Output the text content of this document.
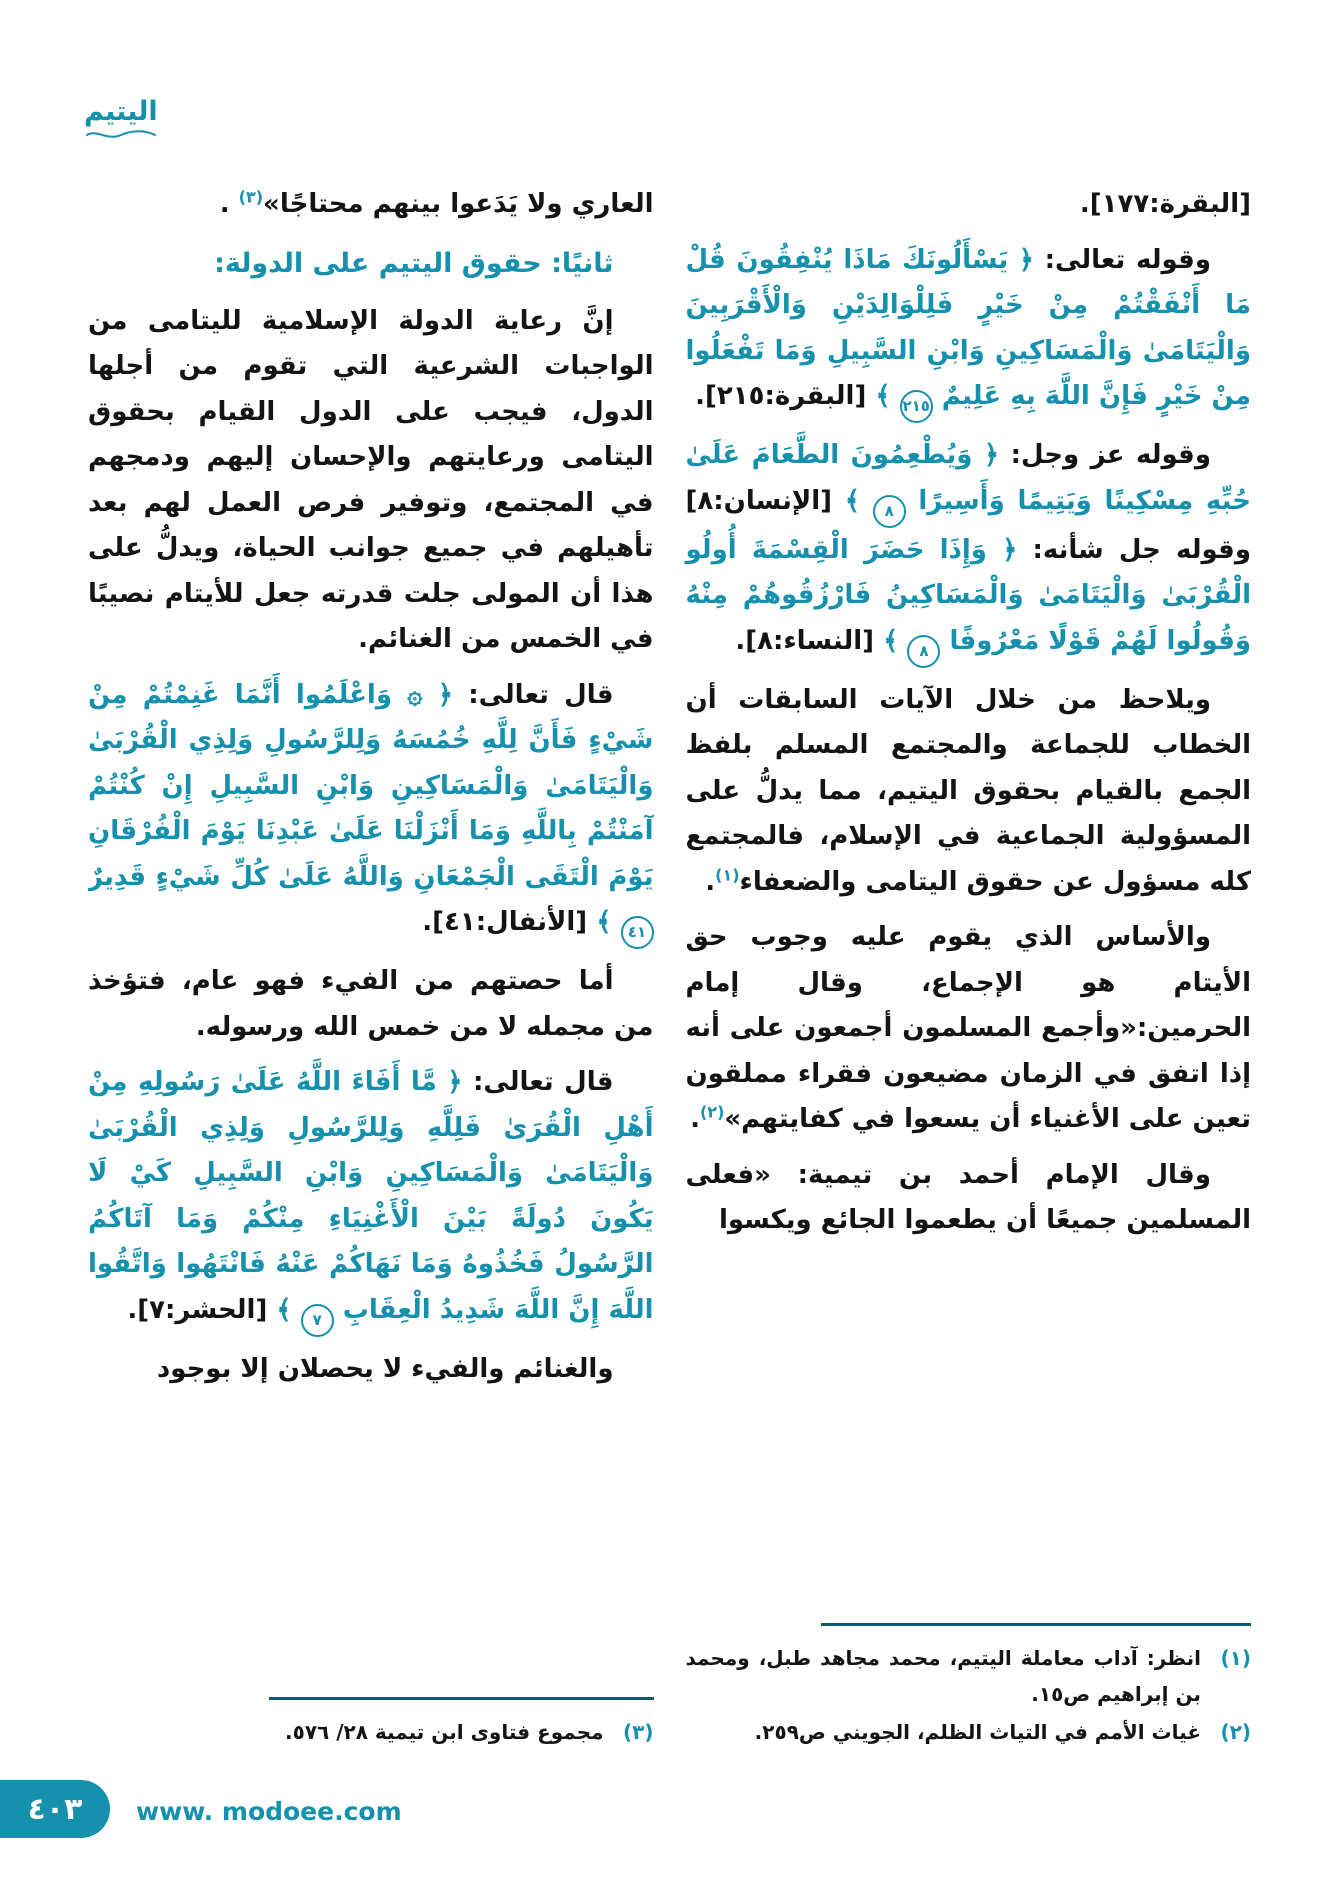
اليتيم

[البقرة:١٧٧].

وقوله تعالى: ﴿ يَسْأَلُونَكَ مَاذَا يُنْفِقُونَ قُلْ مَا أَنْفَقْتُمْ مِنْ خَيْرٍ فَلِلْوَالِدَيْنِ وَالْأَقْرَبِينَ وَالْيَتَامَىٰ وَالْمَسَاكِينِ وَابْنِ السَّبِيلِ وَمَا تَفْعَلُوا مِنْ خَيْرٍ فَإِنَّ اللَّهَ بِهِ عَلِيمٌ ٢١٥ ﴾ [البقرة:٢١٥].

وقوله عز وجل: ﴿ وَيُطْعِمُونَ الطَّعَامَ عَلَىٰ حُبِّهِ مِسْكِينًا وَيَتِيمًا وَأَسِيرًا ٨ ﴾ [الإنسان:٨] وقوله جل شأنه: ﴿ وَإِذَا حَضَرَ الْقِسْمَةَ أُولُو الْقُرْبَىٰ وَالْيَتَامَىٰ وَالْمَسَاكِينُ فَارْزُقُوهُمْ مِنْهُ وَقُولُوا لَهُمْ قَوْلًا مَعْرُوفًا ٨ ﴾ [النساء:٨].

ويلاحظ من خلال الآيات السابقات أن الخطاب للجماعة والمجتمع المسلم بلفظ الجمع بالقيام بحقوق اليتيم، مما يدلُّ على المسؤولية الجماعية في الإسلام، فالمجتمع كله مسؤول عن حقوق اليتامى والضعفاء$^{(١)}$.

والأساس الذي يقوم عليه وجوب حق الأيتام هو الإجماع، وقال إمام الحرمين:«وأجمع المسلمون أجمعون على أنه إذا اتفق في الزمان مضيعون فقراء مملقون تعين على الأغنياء أن يسعوا في كفايتهم»$^{(٢)}$.

وقال الإمام أحمد بن تيمية: «فعلى المسلمين جميعًا أن يطعموا الجائع ويكسوا

(١)
انظر: آداب معاملة اليتيم، محمد مجاهد طبل، ومحمد بن إبراهيم ص١٥.
(٢)
غياث الأمم في التياث الظلم، الجويني ص٢٥٩.

العاري ولا يَدَعوا بينهم محتاجًا»$^{(٣)}$ .

ثانيًا: حقوق اليتيم على الدولة:

إنَّ رعاية الدولة الإسلامية لليتامى من الواجبات الشرعية التي تقوم من أجلها الدول، فيجب على الدول القيام بحقوق اليتامى ورعايتهم والإحسان إليهم ودمجهم في المجتمع، وتوفير فرص العمل لهم بعد تأهيلهم في جميع جوانب الحياة، ويدلُّ على هذا أن المولى جلت قدرته جعل للأيتام نصيبًا في الخمس من الغنائم.

قال تعالى: ﴿ ۞ وَاعْلَمُوا أَنَّمَا غَنِمْتُمْ مِنْ شَيْءٍ فَأَنَّ لِلَّهِ خُمُسَهُ وَلِلرَّسُولِ وَلِذِي الْقُرْبَىٰ وَالْيَتَامَىٰ وَالْمَسَاكِينِ وَابْنِ السَّبِيلِ إِنْ كُنْتُمْ آمَنْتُمْ بِاللَّهِ وَمَا أَنْزَلْنَا عَلَىٰ عَبْدِنَا يَوْمَ الْفُرْقَانِ يَوْمَ الْتَقَى الْجَمْعَانِ وَاللَّهُ عَلَىٰ كُلِّ شَيْءٍ قَدِيرٌ ٤١ ﴾ [الأنفال:٤١].

أما حصتهم من الفيء فهو عام، فتؤخذ من مجمله لا من خمس الله ورسوله.

قال تعالى: ﴿ مَّا أَفَاءَ اللَّهُ عَلَىٰ رَسُولِهِ مِنْ أَهْلِ الْقُرَىٰ فَلِلَّهِ وَلِلرَّسُولِ وَلِذِي الْقُرْبَىٰ وَالْيَتَامَىٰ وَالْمَسَاكِينِ وَابْنِ السَّبِيلِ كَيْ لَا يَكُونَ دُولَةً بَيْنَ الْأَغْنِيَاءِ مِنْكُمْ وَمَا آتَاكُمُ الرَّسُولُ فَخُذُوهُ وَمَا نَهَاكُمْ عَنْهُ فَانْتَهُوا وَاتَّقُوا اللَّهَ إِنَّ اللَّهَ شَدِيدُ الْعِقَابِ ٧ ﴾ [الحشر:٧].

والغنائم والفيء لا يحصلان إلا بوجود

(٣)
مجموع فتاوى ابن تيمية ٢٨/ ٥٧٦.
٤٠٣ www. modoee.com
